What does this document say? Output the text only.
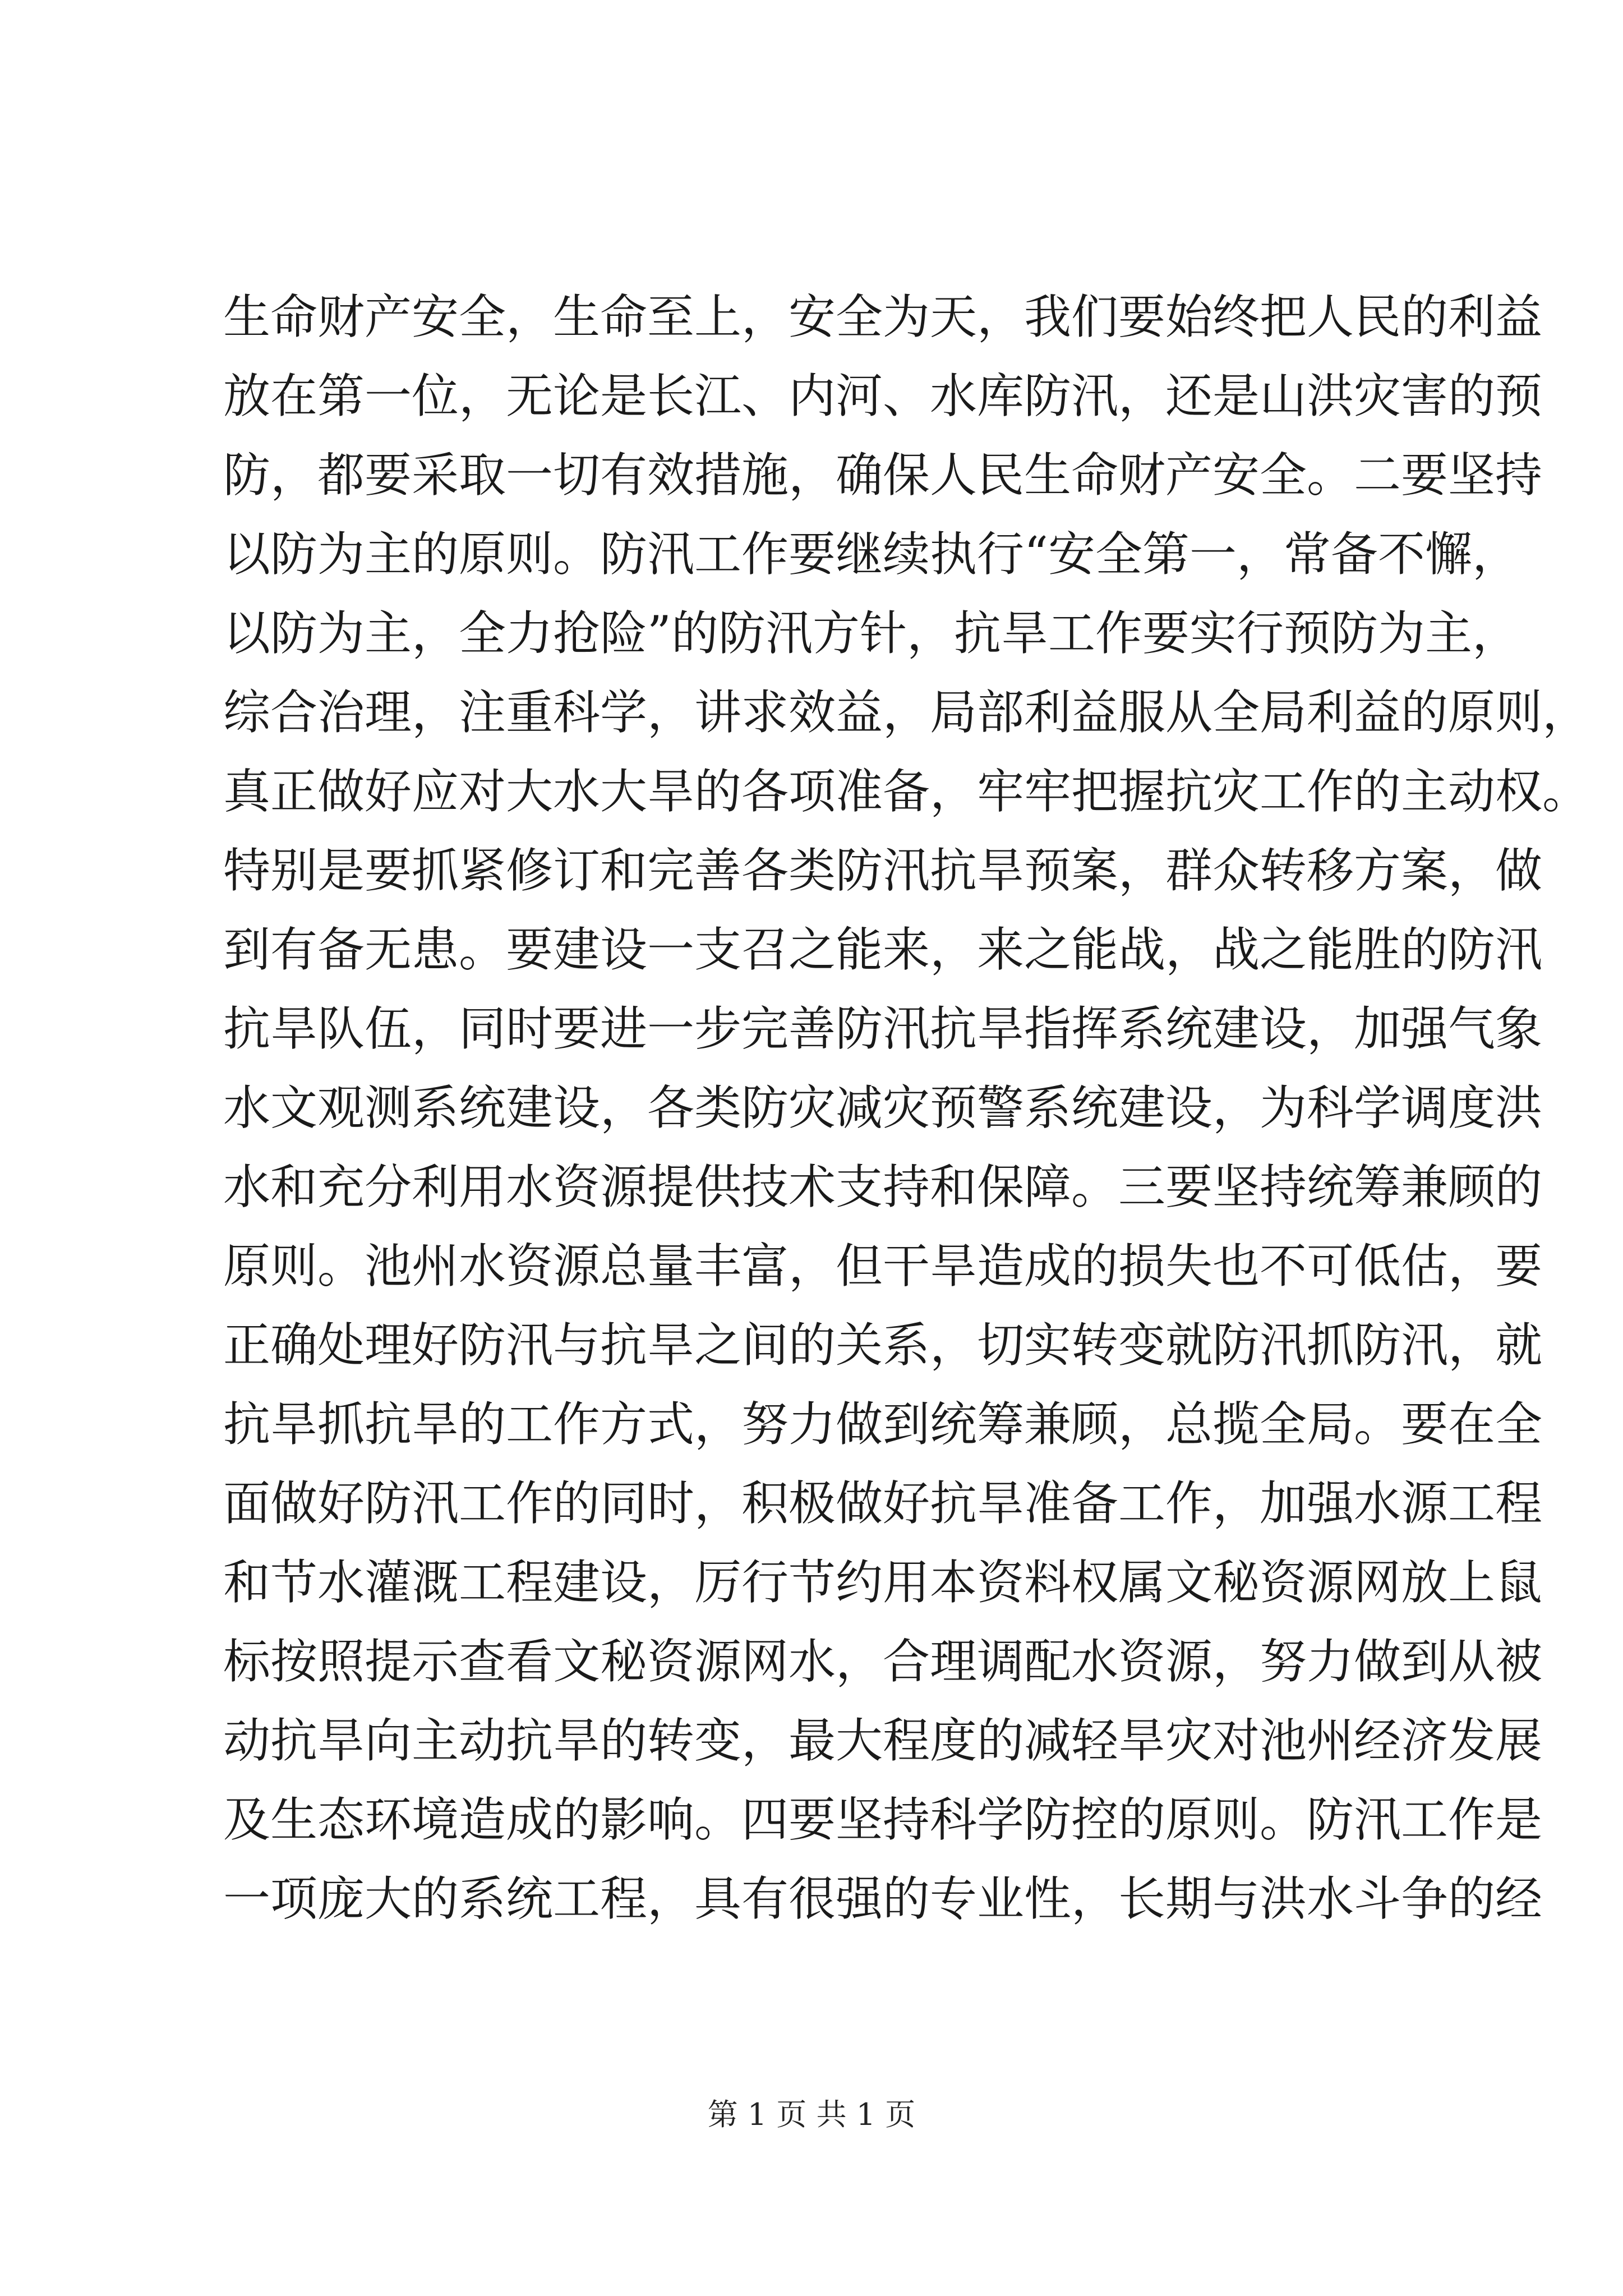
生命财产安全，生命至上，安全为天，我们要始终把人民的利益
放在第一位，无论是长江、内河、水库防汛，还是山洪灾害的预
防，都要采取一切有效措施，确保人民生命财产安全。二要坚持
以防为主的原则。防汛工作要继续执行“安全第一，常备不懈，
以防为主，全力抢险”的防汛方针，抗旱工作要实行预防为主，
综合治理，注重科学，讲求效益，局部利益服从全局利益的原则，
真正做好应对大水大旱的各项准备，牢牢把握抗灾工作的主动权。
特别是要抓紧修订和完善各类防汛抗旱预案，群众转移方案，做
到有备无患。要建设一支召之能来，来之能战，战之能胜的防汛
抗旱队伍，同时要进一步完善防汛抗旱指挥系统建设，加强气象
水文观测系统建设，各类防灾减灾预警系统建设，为科学调度洪
水和充分利用水资源提供技术支持和保障。三要坚持统筹兼顾的
原则。池州水资源总量丰富，但干旱造成的损失也不可低估，要
正确处理好防汛与抗旱之间的关系，切实转变就防汛抓防汛，就
抗旱抓抗旱的工作方式，努力做到统筹兼顾，总揽全局。要在全
面做好防汛工作的同时，积极做好抗旱准备工作，加强水源工程
和节水灌溉工程建设，厉行节约用本资料权属文秘资源网放上鼠
标按照提示查看文秘资源网水，合理调配水资源，努力做到从被
动抗旱向主动抗旱的转变，最大程度的减轻旱灾对池州经济发展
及生态环境造成的影响。四要坚持科学防控的原则。防汛工作是
一项庞大的系统工程，具有很强的专业性，长期与洪水斗争的经
第 1 页 共 1 页
